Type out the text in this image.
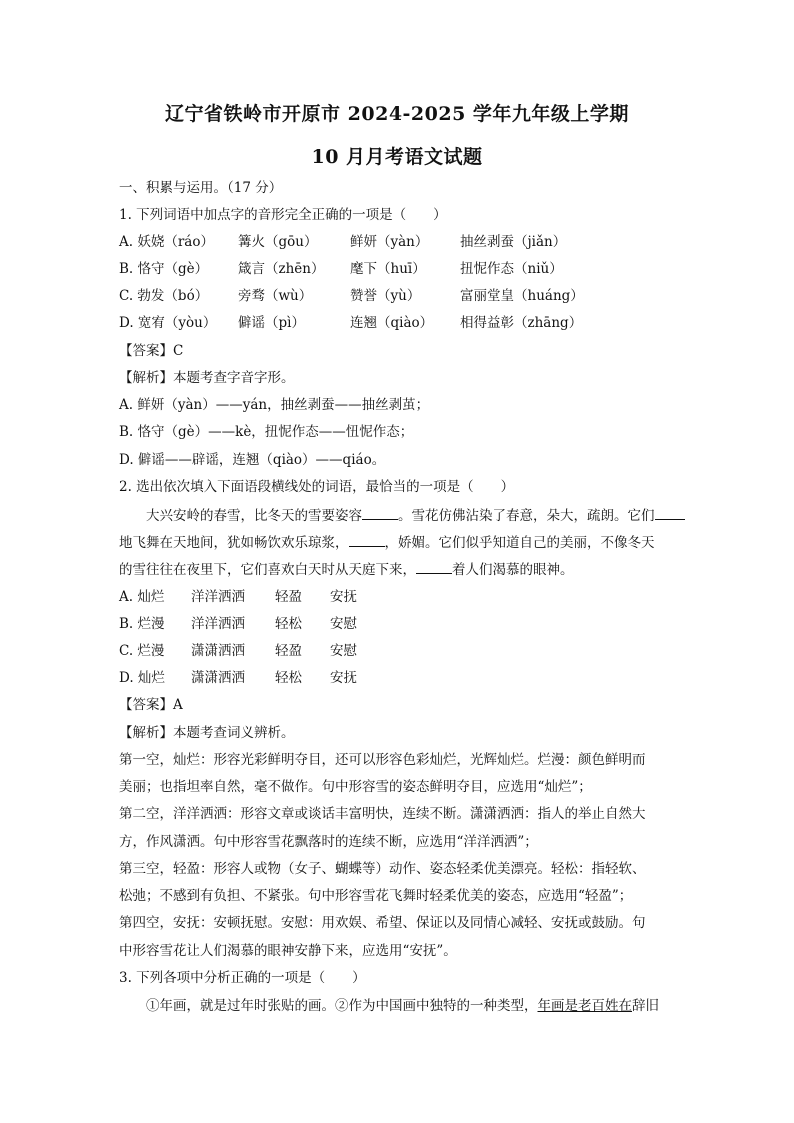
辽宁省铁岭市开原市 2024-2025 学年九年级上学期
10 月月考语文试题

一、积累与运用。（17 分）

1. 下列词语中加点字的音形完全正确的一项是（　　）

A. 妖娆（ráo） 篝火（gōu） 鲜妍（yàn） 抽丝剥蚕（jiǎn）
B. 恪守（gè） 箴言（zhēn） 麾下（huī）	扭怩作态（niǔ）
C. 勃发（bó） 旁骛（wù）	赞誉（yù）	富丽堂皇（huáng）
D. 宽宥（yòu） 僻谣（pì）	连翘（qiào） 相得益彰（zhāng）

【答案】C

【解析】本题考查字音字形。

A. 鲜妍（yàn）——yán，抽丝剥蚕——抽丝剥茧；

B. 恪守（gè）——kè，扭怩作态——忸怩作态；

D. 僻谣——辟谣，连翘（qiào）——qiáo。

2. 选出依次填入下面语段横线处的词语，最恰当的一项是（　　）

大兴安岭的春雪，比冬天的雪要姿容	。雪花仿佛沾染了春意，朵大，疏朗。它们

地飞舞在天地间，犹如畅饮欢乐琼浆，	，娇媚。它们似乎知道自己的美丽，不像冬天

的雪往往在夜里下，它们喜欢白天时从天庭下来，	着人们渴慕的眼神。

A. 灿烂 洋洋洒洒 轻盈 安抚
B. 烂漫 洋洋洒洒 轻松 安慰
C. 烂漫 潇潇洒洒 轻盈 安慰
D. 灿烂 潇潇洒洒 轻松 安抚

【答案】A

【解析】本题考查词义辨析。

第一空，灿烂：形容光彩鲜明夺目，还可以形容色彩灿烂，光辉灿烂。烂漫：颜色鲜明而

美丽；也指坦率自然，毫不做作。句中形容雪的姿态鲜明夺目，应选用“灿烂”；

第二空，洋洋洒洒：形容文章或谈话丰富明快，连续不断。潇潇洒洒：指人的举止自然大

方，作风潇洒。句中形容雪花飘落时的连续不断，应选用“洋洋洒洒”；

第三空，轻盈：形容人或物（女子、蝴蝶等）动作、姿态轻柔优美漂亮。轻松：指轻软、

松弛；不感到有负担、不紧张。句中形容雪花飞舞时轻柔优美的姿态，应选用“轻盈”；

第四空，安抚：安顿抚慰。安慰：用欢娱、希望、保证以及同情心减轻、安抚或鼓励。句

中形容雪花让人们渴慕的眼神安静下来，应选用“安抚”。

3. 下列各项中分析正确的一项是（　　）

①年画，就是过年时张贴的画。②作为中国画中独特的一种类型，年画是老百姓在辞旧
